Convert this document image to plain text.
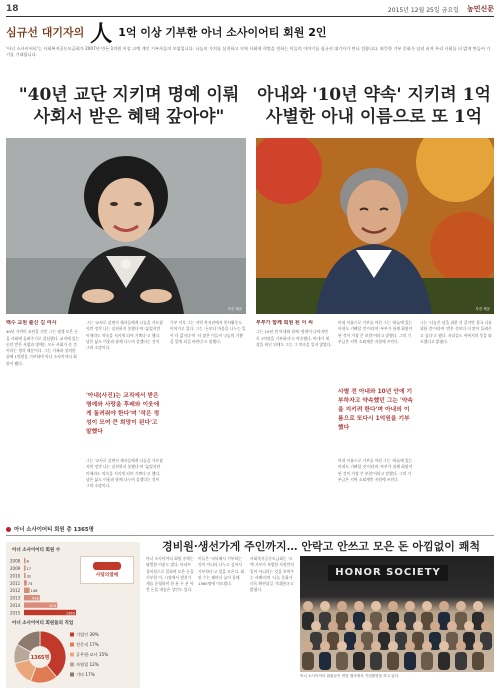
18	2015년 12월 25일 금요일 농민신문
심규선 대기자의 人 1억 이상 기부한 아너 소사이어티 회원 2인
'아너 소사이어티'는 사회복지공동모금회가 2007년 만든 1억원 이상 고액 개인 기부자들의 모임입니다. 나눔의 가치를 실천하고 지역 사회에 희망을 전하는 이들의 이야기를 심규선 대기자가 만나 전합니다. 따뜻한 기부 문화가 널리 퍼져 우리 사회를 더 밝게 만들어 가기를 기대합니다.
"40년 교단 지키며 명예 이뤄 사회서 받은 혜택 갚아야"
아내와 '10년 약속' 지키려 1억 사별한 아내 이름으로 또 1억
사진 제공	사진 제공
백수 교원 출신 김 여사
40년 가까이 교단을 지킨 그는 평생 모은 돈을 사회에 돌려주기로 결심했다. 교직에 있는 동안 받은 사랑과 명예는 모두 사회가 준 것이라는 생각 때문이다. 그는 가족과 상의한 끝에 1억원을 기부하며 아너 소사이어티 회원이 됐다.
그는 '교사로 살면서 제자들에게 나눔을 가르쳤지만 정작 나는 실천하지 못했다'며 '늦었지만 이제라도 약속을 지키게 되어 기쁘다'고 했다. 남은 삶도 이웃과 함께 나누며 살겠다는 것이 그의 소망이다.
'아내(사진)는 교직에서 받은 명예와 사랑을 후배와 이웃에게 돌려줘야 한다'며 '작은 정성이 모여 큰 희망이 된다'고 말했다
그는 '교사로 살면서 제자들에게 나눔을 가르쳤지만 정작 나는 실천하지 못했다'며 '늦었지만 이제라도 약속을 지키게 되어 기쁘다'고 했다. 남은 삶도 이웃과 함께 나누며 살겠다는 것이 그의 소망이다.
기부 이후 그는 지역 복지관에서 봉사활동도 이어가고 있다. 그는 '돈보다 마음을 나누는 일이 더 값지다'며 '더 많은 이들이 나눔의 기쁨을 알게 되길 바란다'고 말했다.
부부가 함께 회원 된 이 씨
그는 10년 전 아내와 함께 '형편이 나아지면 꼭 1억원을 기부하자'고 약속했다. 아내가 세상을 떠난 뒤에도 그는 그 약속을 잊지 않았다.
아내 이름으로 기부를 마친 그는 '하늘에 있는 아내도 기뻐할 것'이라며 '부부가 함께 회원이 된 것이 가장 큰 보람'이라고 말했다. 그의 기부금은 지역 소외계층 지원에 쓰인다.
사별 전 아내와 10년 안에 기부하자고 약속했던 그는 '약속을 지키려 한다'며 아내의 이름으로 또다시 1억원을 기부했다
아내 이름으로 기부를 마친 그는 '하늘에 있는 아내도 기뻐할 것'이라며 '부부가 함께 회원이 된 것이 가장 큰 보람'이라고 말했다. 그의 기부금은 지역 소외계층 지원에 쓰인다.
그는 '나눔은 남을 위한 것 같지만 결국 나를 위한 것'이라며 '받은 것보다 더 많이 돌려주고 싶다'고 했다. 자녀들도 아버지의 뜻을 따르겠다고 밝혔다.
아너 소사이어티 회원 총 1365명
경비원·생선가게 주인까지… 안락고 안쓰고 모은 돈 아낌없이 쾌척
아너 소사이어티 회원 수
사랑의열매
2008 8
2009 17
2010 32
2011 73
2012	148
2013	416
2014	874
2015	1365
아너 소사이어티 회원들의 직업
기업인 39%
전문직 17%
공무원·교사 15%
자영업 12%
기타 17%
1365명
아너 소사이어티 회원 중에는 평범한 이웃도 많다. 아파트 경비원으로 일하며 모은 돈을 기부한 이, 시장에서 생선가게를 운영하며 한 푼 두 푼 아낀 돈을 내놓은 상인도 있다.
이들은 '넉넉해서 기부하는 것이 아니라 나누고 싶어서 기부한다'고 입을 모은다. 회원 수는 해마다 늘어 올해 1365명에 이르렀다.
사회복지공동모금회는 '고액 기부가 특별한 사람만의 일이 아니라는 것을 보여주는 사례'라며 '나눔 문화가 더욱 확산되길 기대한다'고 밝혔다.
HONOR SOCIETY
아너 소사이어티 회원들이 연말 행사에서 기념촬영을 하고 있다.
